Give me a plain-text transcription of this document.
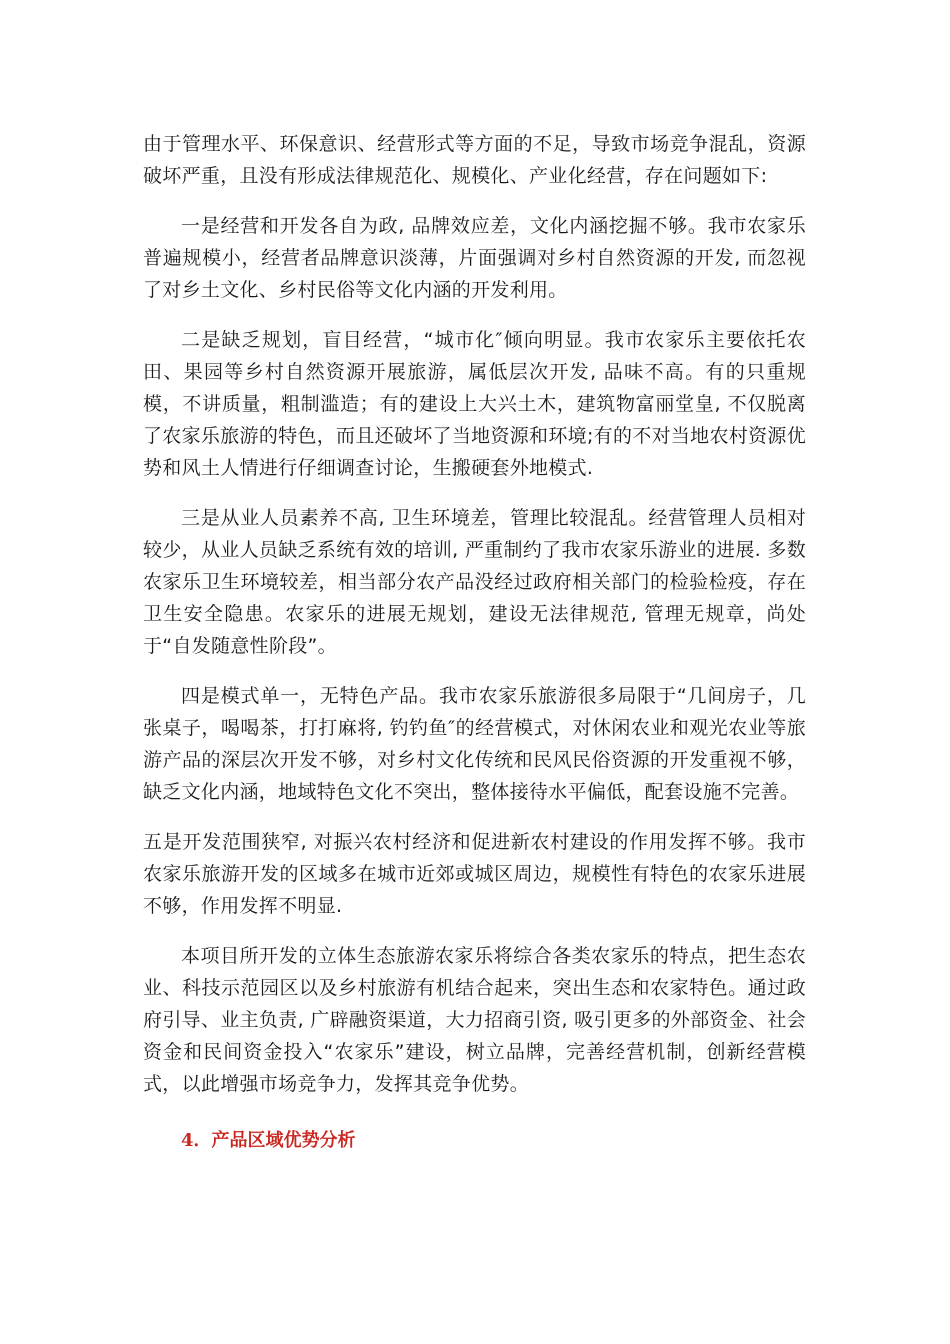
由于管理水平、环保意识、经营形式等方面的不足，导致市场竞争混乱，资源破坏严重，且没有形成法律规范化、规模化、产业化经营，存在问题如下:

一是经营和开发各自为政, 品牌效应差，文化内涵挖掘不够。我市农家乐普遍规模小，经营者品牌意识淡薄，片面强调对乡村自然资源的开发, 而忽视了对乡土文化、乡村民俗等文化内涵的开发利用。

二是缺乏规划，盲目经营，“城市化″倾向明显。我市农家乐主要依托农田、果园等乡村自然资源开展旅游，属低层次开发, 品味不高。有的只重规模，不讲质量，粗制滥造；有的建设上大兴土木，建筑物富丽堂皇, 不仅脱离了农家乐旅游的特色，而且还破坏了当地资源和环境;有的不对当地农村资源优势和风土人情进行仔细调查讨论，生搬硬套外地模式.

三是从业人员素养不高, 卫生环境差，管理比较混乱。经营管理人员相对较少，从业人员缺乏系统有效的培训, 严重制约了我市农家乐游业的进展. 多数农家乐卫生环境较差，相当部分农产品没经过政府相关部门的检验检疫，存在卫生安全隐患。农家乐的进展无规划，建设无法律规范, 管理无规章，尚处于“自发随意性阶段”。

四是模式单一，无特色产品。我市农家乐旅游很多局限于“几间房子，几张桌子，喝喝茶，打打麻将, 钓钓鱼″的经营模式，对休闲农业和观光农业等旅游产品的深层次开发不够，对乡村文化传统和民风民俗资源的开发重视不够，缺乏文化内涵，地域特色文化不突出，整体接待水平偏低，配套设施不完善。

五是开发范围狭窄, 对振兴农村经济和促进新农村建设的作用发挥不够。我市农家乐旅游开发的区域多在城市近郊或城区周边，规模性有特色的农家乐进展不够，作用发挥不明显.

本项目所开发的立体生态旅游农家乐将综合各类农家乐的特点，把生态农业、科技示范园区以及乡村旅游有机结合起来，突出生态和农家特色。通过政府引导、业主负责, 广辟融资渠道，大力招商引资, 吸引更多的外部资金、社会资金和民间资金投入“农家乐”建设，树立品牌，完善经营机制，创新经营模式，以此增强市场竞争力，发挥其竞争优势。

4．产品区域优势分析
